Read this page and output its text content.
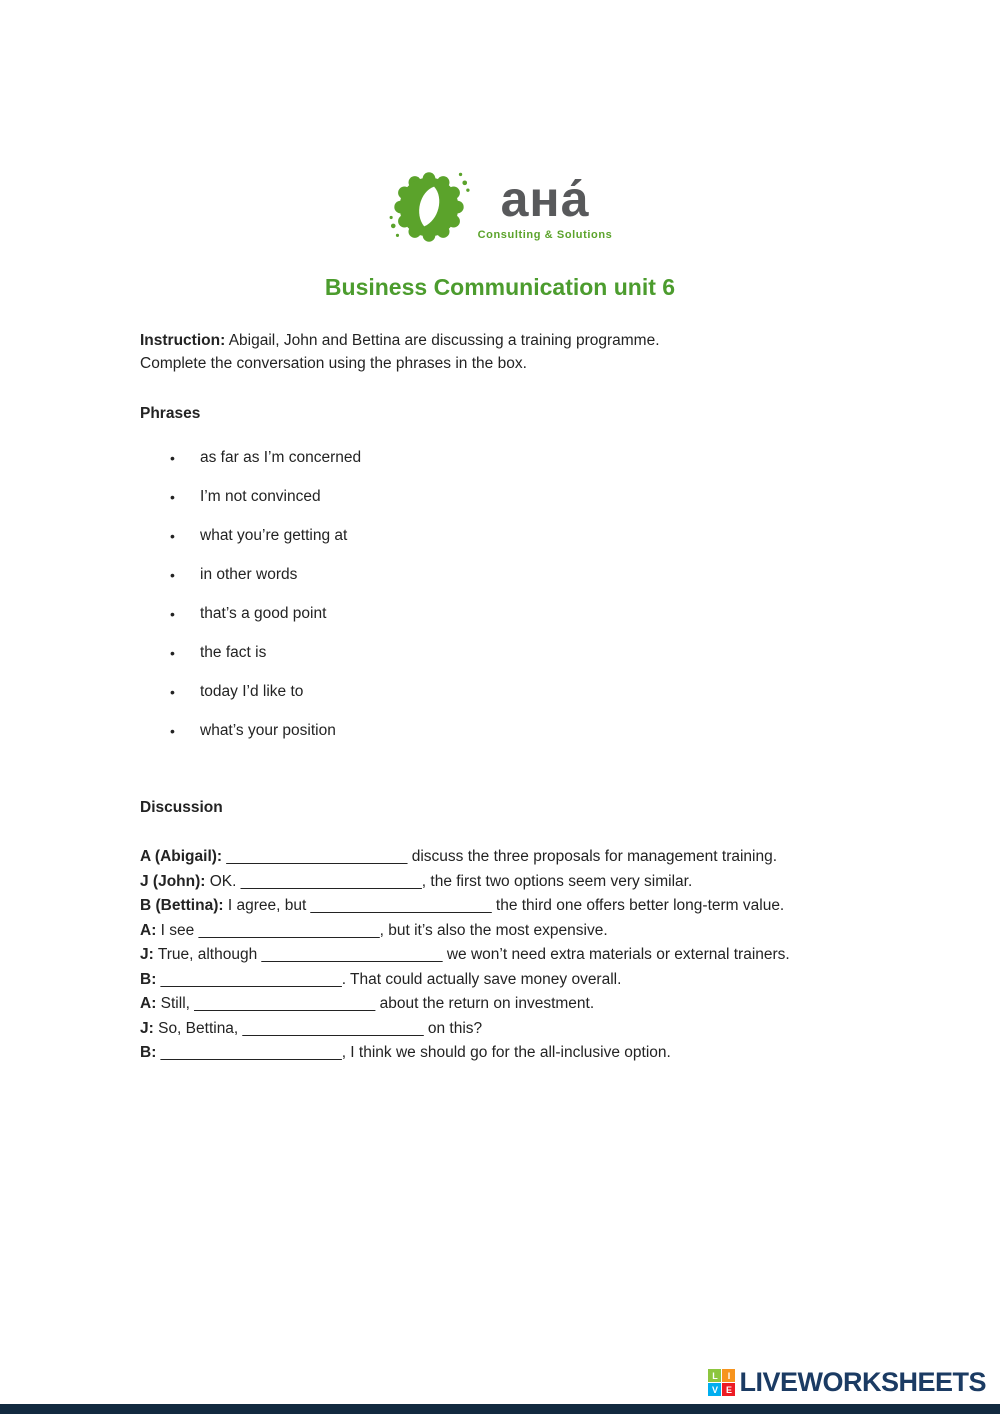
ана́
Consulting & Solutions
Business Communication unit 6

Instruction: Abigail, John and Bettina are discussing a training programme.

Complete the conversation using the phrases in the box.

Phrases

• as far as I’m concerned
• I’m not convinced
• what you’re getting at
• in other words
• that’s a good point
• the fact is
• today I’d like to
• what’s your position

Discussion

A (Abigail): _____________________ discuss the three proposals for management training.
J (John): OK. _____________________, the first two options seem very similar.
B (Bettina): I agree, but _____________________ the third one offers better long-term value.
A: I see _____________________, but it’s also the most expensive.
J: True, although _____________________ we won’t need extra materials or external trainers.
B: _____________________. That could actually save money overall.
A: Still, _____________________ about the return on investment.
J: So, Bettina, _____________________ on this?
B: _____________________, I think we should go for the all-inclusive option.
L	I
V E LIVEWORKSHEETS
